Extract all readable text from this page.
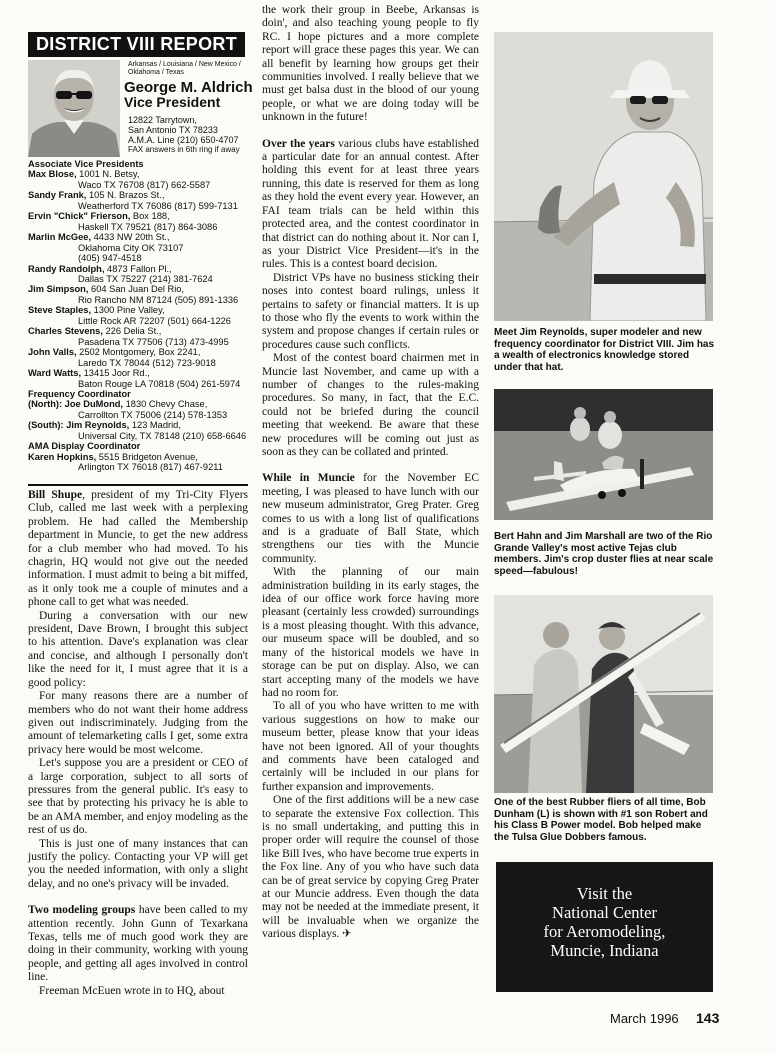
DISTRICT VIII REPORT
Arkansas / Louisiana / New Mexico / Oklahoma / Texas
George M. Aldrich
Vice President
12822 Tarrytown,
San Antonio TX 78233
A.M.A. Line (210) 650-4707
FAX answers in 6th ring if away
Associate Vice Presidents
Max Blose, 1001 N. Betsy,
Waco TX 76708 (817) 662-5587
Sandy Frank, 105 N. Brazos St.,
Weatherford TX 76086 (817) 599-7131
Ervin "Chick" Frierson, Box 188,
Haskell TX 79521 (817) 864-3086
Marlin McGee, 4433 NW 20th St.,
Oklahoma City OK 73107
(405) 947-4518
Randy Randolph, 4873 Fallon Pl.,
Dallas TX 75227 (214) 381-7624
Jim Simpson, 604 San Juan Del Rio,
Rio Rancho NM 87124 (505) 891-1336
Steve Staples, 1300 Pine Valley,
Little Rock AR 72207 (501) 664-1226
Charles Stevens, 226 Delia St.,
Pasadena TX 77506 (713) 473-4995
John Valls, 2502 Montgomery, Box 2241,
Laredo TX 78044 (512) 723-9018
Ward Watts, 13415 Joor Rd.,
Baton Rouge LA 70818 (504) 261-5974
Frequency Coordinator
(North): Joe DuMond, 1830 Chevy Chase,
Carrollton TX 75006 (214) 578-1353
(South): Jim Reynolds, 123 Madrid,
Universal City, TX 78148 (210) 658-6646
AMA Display Coordinator
Karen Hopkins, 5515 Bridgeton Avenue,
Arlington TX 76018 (817) 467-9211

Bill Shupe, president of my Tri-City Flyers Club, called me last week with a perplexing problem. He had called the Membership department in Muncie, to get the new address for a club member who had moved. To his chagrin, HQ would not give out the needed information. I must admit to being a bit miffed, as it only took me a couple of minutes and a phone call to get what was needed.

During a conversation with our new president, Dave Brown, I brought this subject to his attention. Dave's explanation was clear and concise, and although I personally don't like the need for it, I must agree that it is a good policy:

For many reasons there are a number of members who do not want their home address given out indiscriminately. Judging from the amount of telemarketing calls I get, some extra privacy here would be most welcome.

Let's suppose you are a president or CEO of a large corporation, subject to all sorts of pressures from the general public. It's easy to see that by protecting his privacy he is able to be an AMA member, and enjoy modeling as the rest of us do.

This is just one of many instances that can justify the policy. Contacting your VP will get you the needed information, with only a slight delay, and no one's privacy will be invaded.

Two modeling groups have been called to my attention recently. John Gunn of Texarkana Texas, tells me of much good work they are doing in their community, working with young people, and getting all ages involved in control line.

Freeman McEuen wrote in to HQ, about

the work their group in Beebe, Arkansas is doin', and also teaching young people to fly RC. I hope pictures and a more complete report will grace these pages this year. We can all benefit by learning how groups get their communities involved. I really believe that we must get balsa dust in the blood of our young people, or what we are doing today will be unknown in the future!

Over the years various clubs have established a particular date for an annual contest. After holding this event for at least three years running, this date is reserved for them as long as they hold the event every year. However, an FAI team trials can be held within this protected area, and the contest coordinator in that district can do nothing about it. Nor can I, as your District Vice President—it's in the rules. This is a contest board decision.

District VPs have no business sticking their noses into contest board rulings, unless it pertains to safety or financial matters. It is up to those who fly the events to work within the system and propose changes if certain rules or procedures cause such conflicts.

Most of the contest board chairmen met in Muncie last November, and came up with a number of changes to the rules-making procedures. So many, in fact, that the E.C. could not be briefed during the council meeting that weekend. Be aware that these new procedures will be coming out just as soon as they can be collated and printed.

While in Muncie for the November EC meeting, I was pleased to have lunch with our new museum administrator, Greg Prater. Greg comes to us with a long list of qualifications and is a graduate of Ball State, which strengthens our ties with the Muncie community.

With the planning of our main administration building in its early stages, the idea of our office work force having more pleasant (certainly less crowded) surroundings is a most pleasing thought. With this advance, our museum space will be doubled, and so many of the historical models we have in storage can be put on display. Also, we can start accepting many of the models we have had no room for.

To all of you who have written to me with various suggestions on how to make our museum better, please know that your ideas have not been ignored. All of your thoughts and comments have been cataloged and certainly will be included in our plans for further expansion and improvements.

One of the first additions will be a new case to separate the extensive Fox collection. This is no small undertaking, and putting this in proper order will require the counsel of those like Bill Ives, who have become true experts in the Fox line. Any of you who have such data can be of great service by copying Greg Prater at our Muncie address. Even though the data may not be needed at the immediate present, it will be invaluable when we organize the various displays. ✈

Meet Jim Reynolds, super modeler and new frequency coordinator for District VIII. Jim has a wealth of electronics knowledge stored under that hat.
Bert Hahn and Jim Marshall are two of the Rio Grande Valley's most active Tejas club members. Jim's crop duster flies at near scale speed—fabulous!
One of the best Rubber fliers of all time, Bob Dunham (L) is shown with #1 son Robert and his Class B Power model. Bob helped make the Tulsa Glue Dobbers famous.
Visit the
National Center
for Aeromodeling,
Muncie, Indiana
March 1996 143
